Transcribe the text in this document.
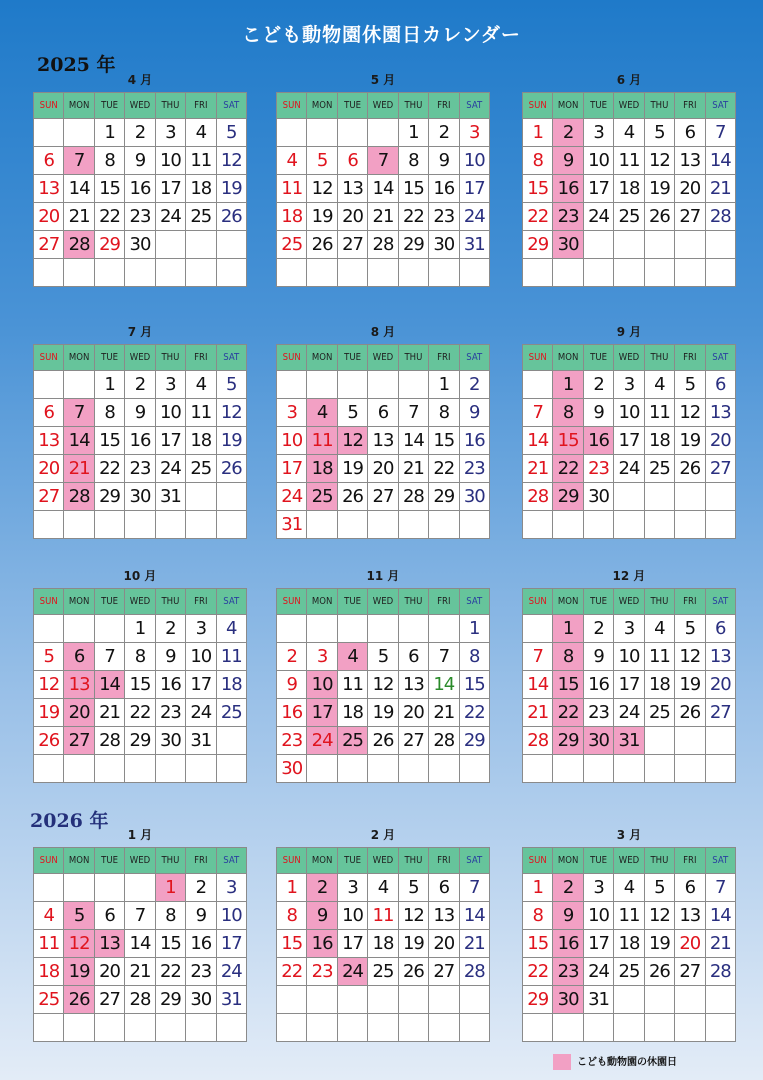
こども動物園休園日カレンダー
2025 年
2026 年
4 月
SUN	MON	TUE	WED	THU	FRI	SAT
		1	2	3	4	5
6	7	8	9	10	11	12
13	14	15	16	17	18	19
20	21	22	23	24	25	26
27	28	29	30			

5 月
SUN	MON	TUE	WED	THU	FRI	SAT
				1	2	3
4	5	6	7	8	9	10
11	12	13	14	15	16	17
18	19	20	21	22	23	24
25	26	27	28	29	30	31

6 月
SUN	MON	TUE	WED	THU	FRI	SAT
1	2	3	4	5	6	7
8	9	10	11	12	13	14
15	16	17	18	19	20	21
22	23	24	25	26	27	28
29	30					

7 月
SUN	MON	TUE	WED	THU	FRI	SAT
		1	2	3	4	5
6	7	8	9	10	11	12
13	14	15	16	17	18	19
20	21	22	23	24	25	26
27	28	29	30	31		

8 月
SUN	MON	TUE	WED	THU	FRI	SAT
					1	2
3	4	5	6	7	8	9
10	11	12	13	14	15	16
17	18	19	20	21	22	23
24	25	26	27	28	29	30
31						
9 月
SUN	MON	TUE	WED	THU	FRI	SAT
	1	2	3	4	5	6
7	8	9	10	11	12	13
14	15	16	17	18	19	20
21	22	23	24	25	26	27
28	29	30				

10 月
SUN	MON	TUE	WED	THU	FRI	SAT
			1	2	3	4
5	6	7	8	9	10	11
12	13	14	15	16	17	18
19	20	21	22	23	24	25
26	27	28	29	30	31	

11 月
SUN	MON	TUE	WED	THU	FRI	SAT
						1
2	3	4	5	6	7	8
9	10	11	12	13	14	15
16	17	18	19	20	21	22
23	24	25	26	27	28	29
30						
12 月
SUN	MON	TUE	WED	THU	FRI	SAT
	1	2	3	4	5	6
7	8	9	10	11	12	13
14	15	16	17	18	19	20
21	22	23	24	25	26	27
28	29	30	31			

1 月
SUN	MON	TUE	WED	THU	FRI	SAT
				1	2	3
4	5	6	7	8	9	10
11	12	13	14	15	16	17
18	19	20	21	22	23	24
25	26	27	28	29	30	31

2 月
SUN	MON	TUE	WED	THU	FRI	SAT
1	2	3	4	5	6	7
8	9	10	11	12	13	14
15	16	17	18	19	20	21
22	23	24	25	26	27	28

3 月
SUN	MON	TUE	WED	THU	FRI	SAT
1	2	3	4	5	6	7
8	9	10	11	12	13	14
15	16	17	18	19	20	21
22	23	24	25	26	27	28
29	30	31				

こども動物園の休園日
